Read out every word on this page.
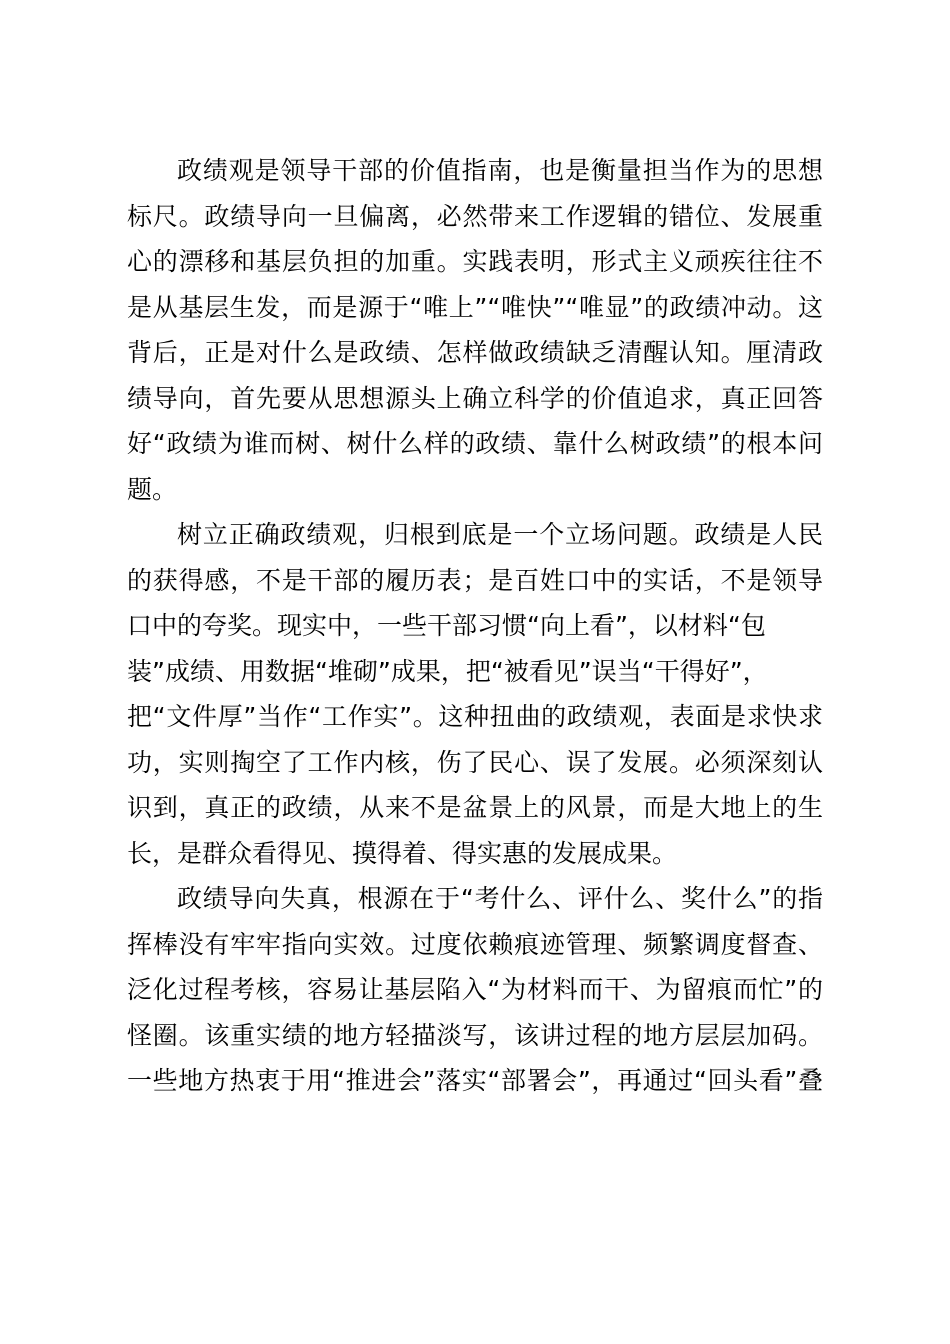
政绩观是领导干部的价值指南，也是衡量担当作为的思想
标尺。政绩导向一旦偏离，必然带来工作逻辑的错位、发展重
心的漂移和基层负担的加重。实践表明，形式主义顽疾往往不
是从基层生发，而是源于“唯上”“唯快”“唯显”的政绩冲动。这
背后，正是对什么是政绩、怎样做政绩缺乏清醒认知。厘清政
绩导向，首先要从思想源头上确立科学的价值追求，真正回答
好“政绩为谁而树、树什么样的政绩、靠什么树政绩”的根本问
题。
树立正确政绩观，归根到底是一个立场问题。政绩是人民
的获得感，不是干部的履历表；是百姓口中的实话，不是领导
口中的夸奖。现实中，一些干部习惯“向上看”，以材料“包
装”成绩、用数据“堆砌”成果，把“被看见”误当“干得好”，
把“文件厚”当作“工作实”。这种扭曲的政绩观，表面是求快求
功，实则掏空了工作内核，伤了民心、误了发展。必须深刻认
识到，真正的政绩，从来不是盆景上的风景，而是大地上的生
长，是群众看得见、摸得着、得实惠的发展成果。
政绩导向失真，根源在于“考什么、评什么、奖什么”的指
挥棒没有牢牢指向实效。过度依赖痕迹管理、频繁调度督查、
泛化过程考核，容易让基层陷入“为材料而干、为留痕而忙”的
怪圈。该重实绩的地方轻描淡写，该讲过程的地方层层加码。
一些地方热衷于用“推进会”落实“部署会”，再通过“回头看”叠
